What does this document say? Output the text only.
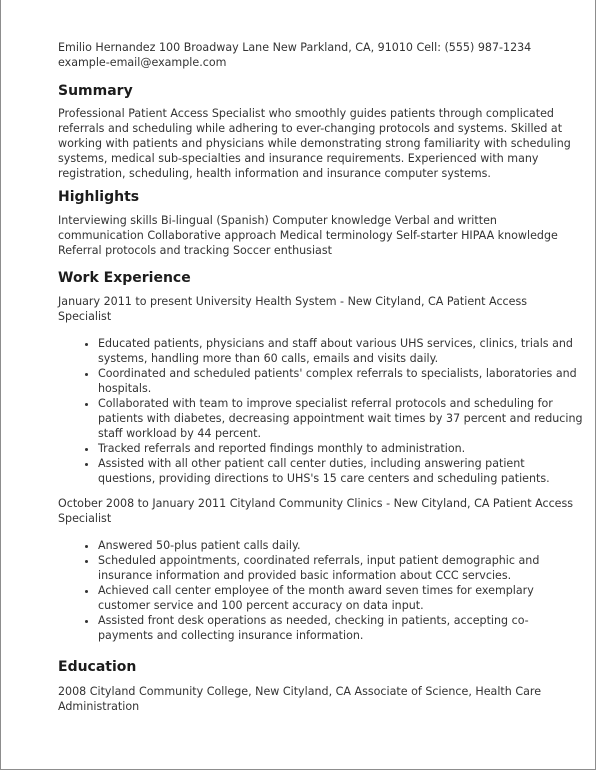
Emilio Hernandez 100 Broadway Lane New Parkland, CA, 91010 Cell: (555) 987-1234 example-email@example.com

Summary

Professional Patient Access Specialist who smoothly guides patients through complicated referrals and scheduling while adhering to ever-changing protocols and systems. Skilled at working with patients and physicians while demonstrating strong familiarity with scheduling systems, medical sub-specialties and insurance requirements. Experienced with many registration, scheduling, health information and insurance computer systems.

Highlights

Interviewing skills Bi-lingual (Spanish) Computer knowledge Verbal and written communication Collaborative approach Medical terminology Self-starter HIPAA knowledge Referral protocols and tracking Soccer enthusiast

Work Experience

January 2011 to present University Health System - New Cityland, CA Patient Access Specialist

• Educated patients, physicians and staff about various UHS services, clinics, trials and systems, handling more than 60 calls, emails and visits daily.
• Coordinated and scheduled patients' complex referrals to specialists, laboratories and hospitals.
• Collaborated with team to improve specialist referral protocols and scheduling for patients with diabetes, decreasing appointment wait times by 37 percent and reducing staff workload by 44 percent.
• Tracked referrals and reported findings monthly to administration.
• Assisted with all other patient call center duties, including answering patient questions, providing directions to UHS's 15 care centers and scheduling patients.

October 2008 to January 2011 Cityland Community Clinics - New Cityland, CA Patient Access Specialist

• Answered 50-plus patient calls daily.
• Scheduled appointments, coordinated referrals, input patient demographic and insurance information and provided basic information about CCC servcies.
• Achieved call center employee of the month award seven times for exemplary customer service and 100 percent accuracy on data input.
• Assisted front desk operations as needed, checking in patients, accepting co-payments and collecting insurance information.
Education

2008 Cityland Community College, New Cityland, CA Associate of Science, Health Care Administration
